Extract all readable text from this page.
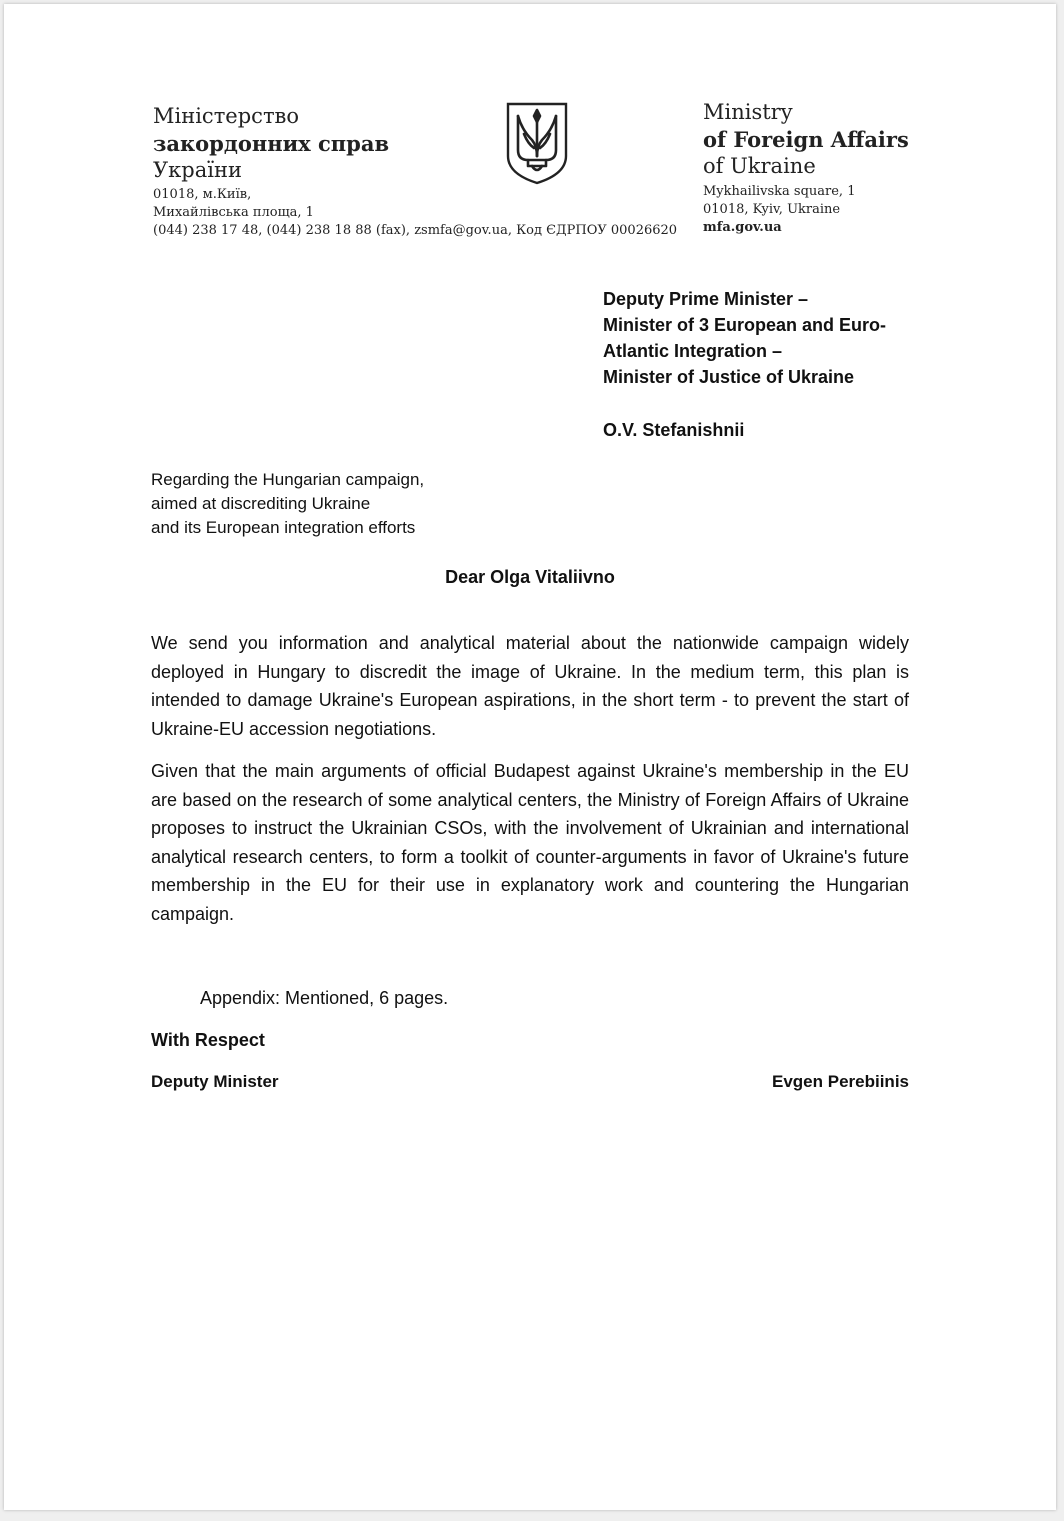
Міністерство
закордонних справ
України
01018, м.Київ,
Михайлівська площа, 1
(044) 238 17 48, (044) 238 18 88 (fax), zsmfa@gov.ua, Код ЄДРПОУ 00026620
Ministry
of Foreign Affairs
of Ukraine
Mykhailivska square, 1
01018, Kyiv, Ukraine
mfa.gov.ua
Deputy Prime Minister –
Minister of 3 European and Euro-
Atlantic Integration –
Minister of Justice of Ukraine
O.V. Stefanishnii
Regarding the Hungarian campaign,
aimed at discrediting Ukraine
and its European integration efforts
Dear Olga Vitaliivno
We send you information and analytical material about the nationwide campaign widely deployed in Hungary to discredit the image of Ukraine. In the medium term, this plan is intended to damage Ukraine's European aspirations, in the short term - to prevent the start of Ukraine-EU accession negotiations.
Given that the main arguments of official Budapest against Ukraine's membership in the EU are based on the research of some analytical centers, the Ministry of Foreign Affairs of Ukraine proposes to instruct the Ukrainian CSOs, with the involvement of Ukrainian and international analytical research centers, to form a toolkit of counter-arguments in favor of Ukraine's future membership in the EU for their use in explanatory work and countering the Hungarian campaign.
Appendix: Mentioned, 6 pages.
With Respect
Deputy Minister	Evgen Perebiinis
